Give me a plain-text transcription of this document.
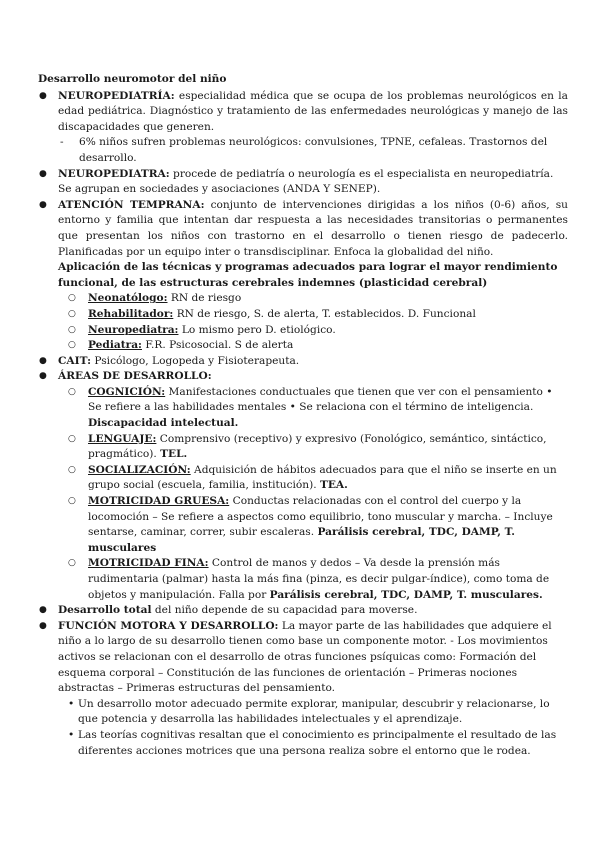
Desarrollo neuromotor del niño
●	NEUROPEDIATRÍA: especialidad médica que se ocupa de los problemas neurológicos en la edad pediátrica. Diagnóstico y tratamiento de las enfermedades neurológicas y manejo de las discapacidades que generen.
- 6% niños sufren problemas neurológicos: convulsiones, TPNE, cefaleas. Trastornos del desarrollo.
●	NEUROPEDIATRA: procede de pediatría o neurología es el especialista en neuropediatría. Se agrupan en sociedades y asociaciones (ANDA Y SENEP).
●	ATENCIÓN TEMPRANA: conjunto de intervenciones dirigidas a los niños (0-6) años, su entorno y familia que intentan dar respuesta a las necesidades transitorias o permanentes que presentan los niños con trastorno en el desarrollo o tienen riesgo de padecerlo. Planificadas por un equipo inter o transdisciplinar. Enfoca la globalidad del niño.
Aplicación de las técnicas y programas adecuados para lograr el mayor rendimiento funcional, de las estructuras cerebrales indemnes (plasticidad cerebral)
○ Neonatólogo: RN de riesgo
○ Rehabilitador: RN de riesgo, S. de alerta, T. establecidos. D. Funcional
○ Neuropediatra: Lo mismo pero D. etiológico.
○ Pediatra: F.R. Psicosocial. S de alerta
●	CAIT: Psicólogo, Logopeda y Fisioterapeuta.
●	ÁREAS DE DESARROLLO:
○ COGNICIÓN: Manifestaciones conductuales que tienen que ver con el pensamiento • Se refiere a las habilidades mentales • Se relaciona con el término de inteligencia. Discapacidad intelectual.
○ LENGUAJE: Comprensivo (receptivo) y expresivo (Fonológico, semántico, sintáctico, pragmático). TEL.
○ SOCIALIZACIÓN: Adquisición de hábitos adecuados para que el niño se inserte en un grupo social (escuela, familia, institución). TEA.
○ MOTRICIDAD GRUESA: Conductas relacionadas con el control del cuerpo y la locomoción – Se refiere a aspectos como equilibrio, tono muscular y marcha. – Incluye sentarse, caminar, correr, subir escaleras. Parálisis cerebral, TDC, DAMP, T. musculares
○ MOTRICIDAD FINA: Control de manos y dedos – Va desde la prensión más rudimentaria (palmar) hasta la más fina (pinza, es decir pulgar-índice), como toma de objetos y manipulación. Falla por Parálisis cerebral, TDC, DAMP, T. musculares.
●	Desarrollo total del niño depende de su capacidad para moverse.
●	FUNCIÓN MOTORA Y DESARROLLO: La mayor parte de las habilidades que adquiere el niño a lo largo de su desarrollo tienen como base un componente motor. - Los movimientos activos se relacionan con el desarrollo de otras funciones psíquicas como: Formación del esquema corporal – Constitución de las funciones de orientación – Primeras nociones abstractas – Primeras estructuras del pensamiento.
• Un desarrollo motor adecuado permite explorar, manipular, descubrir y relacionarse, lo que potencia y desarrolla las habilidades intelectuales y el aprendizaje.
• Las teorías cognitivas resaltan que el conocimiento es principalmente el resultado de las diferentes acciones motrices que una persona realiza sobre el entorno que le rodea.
